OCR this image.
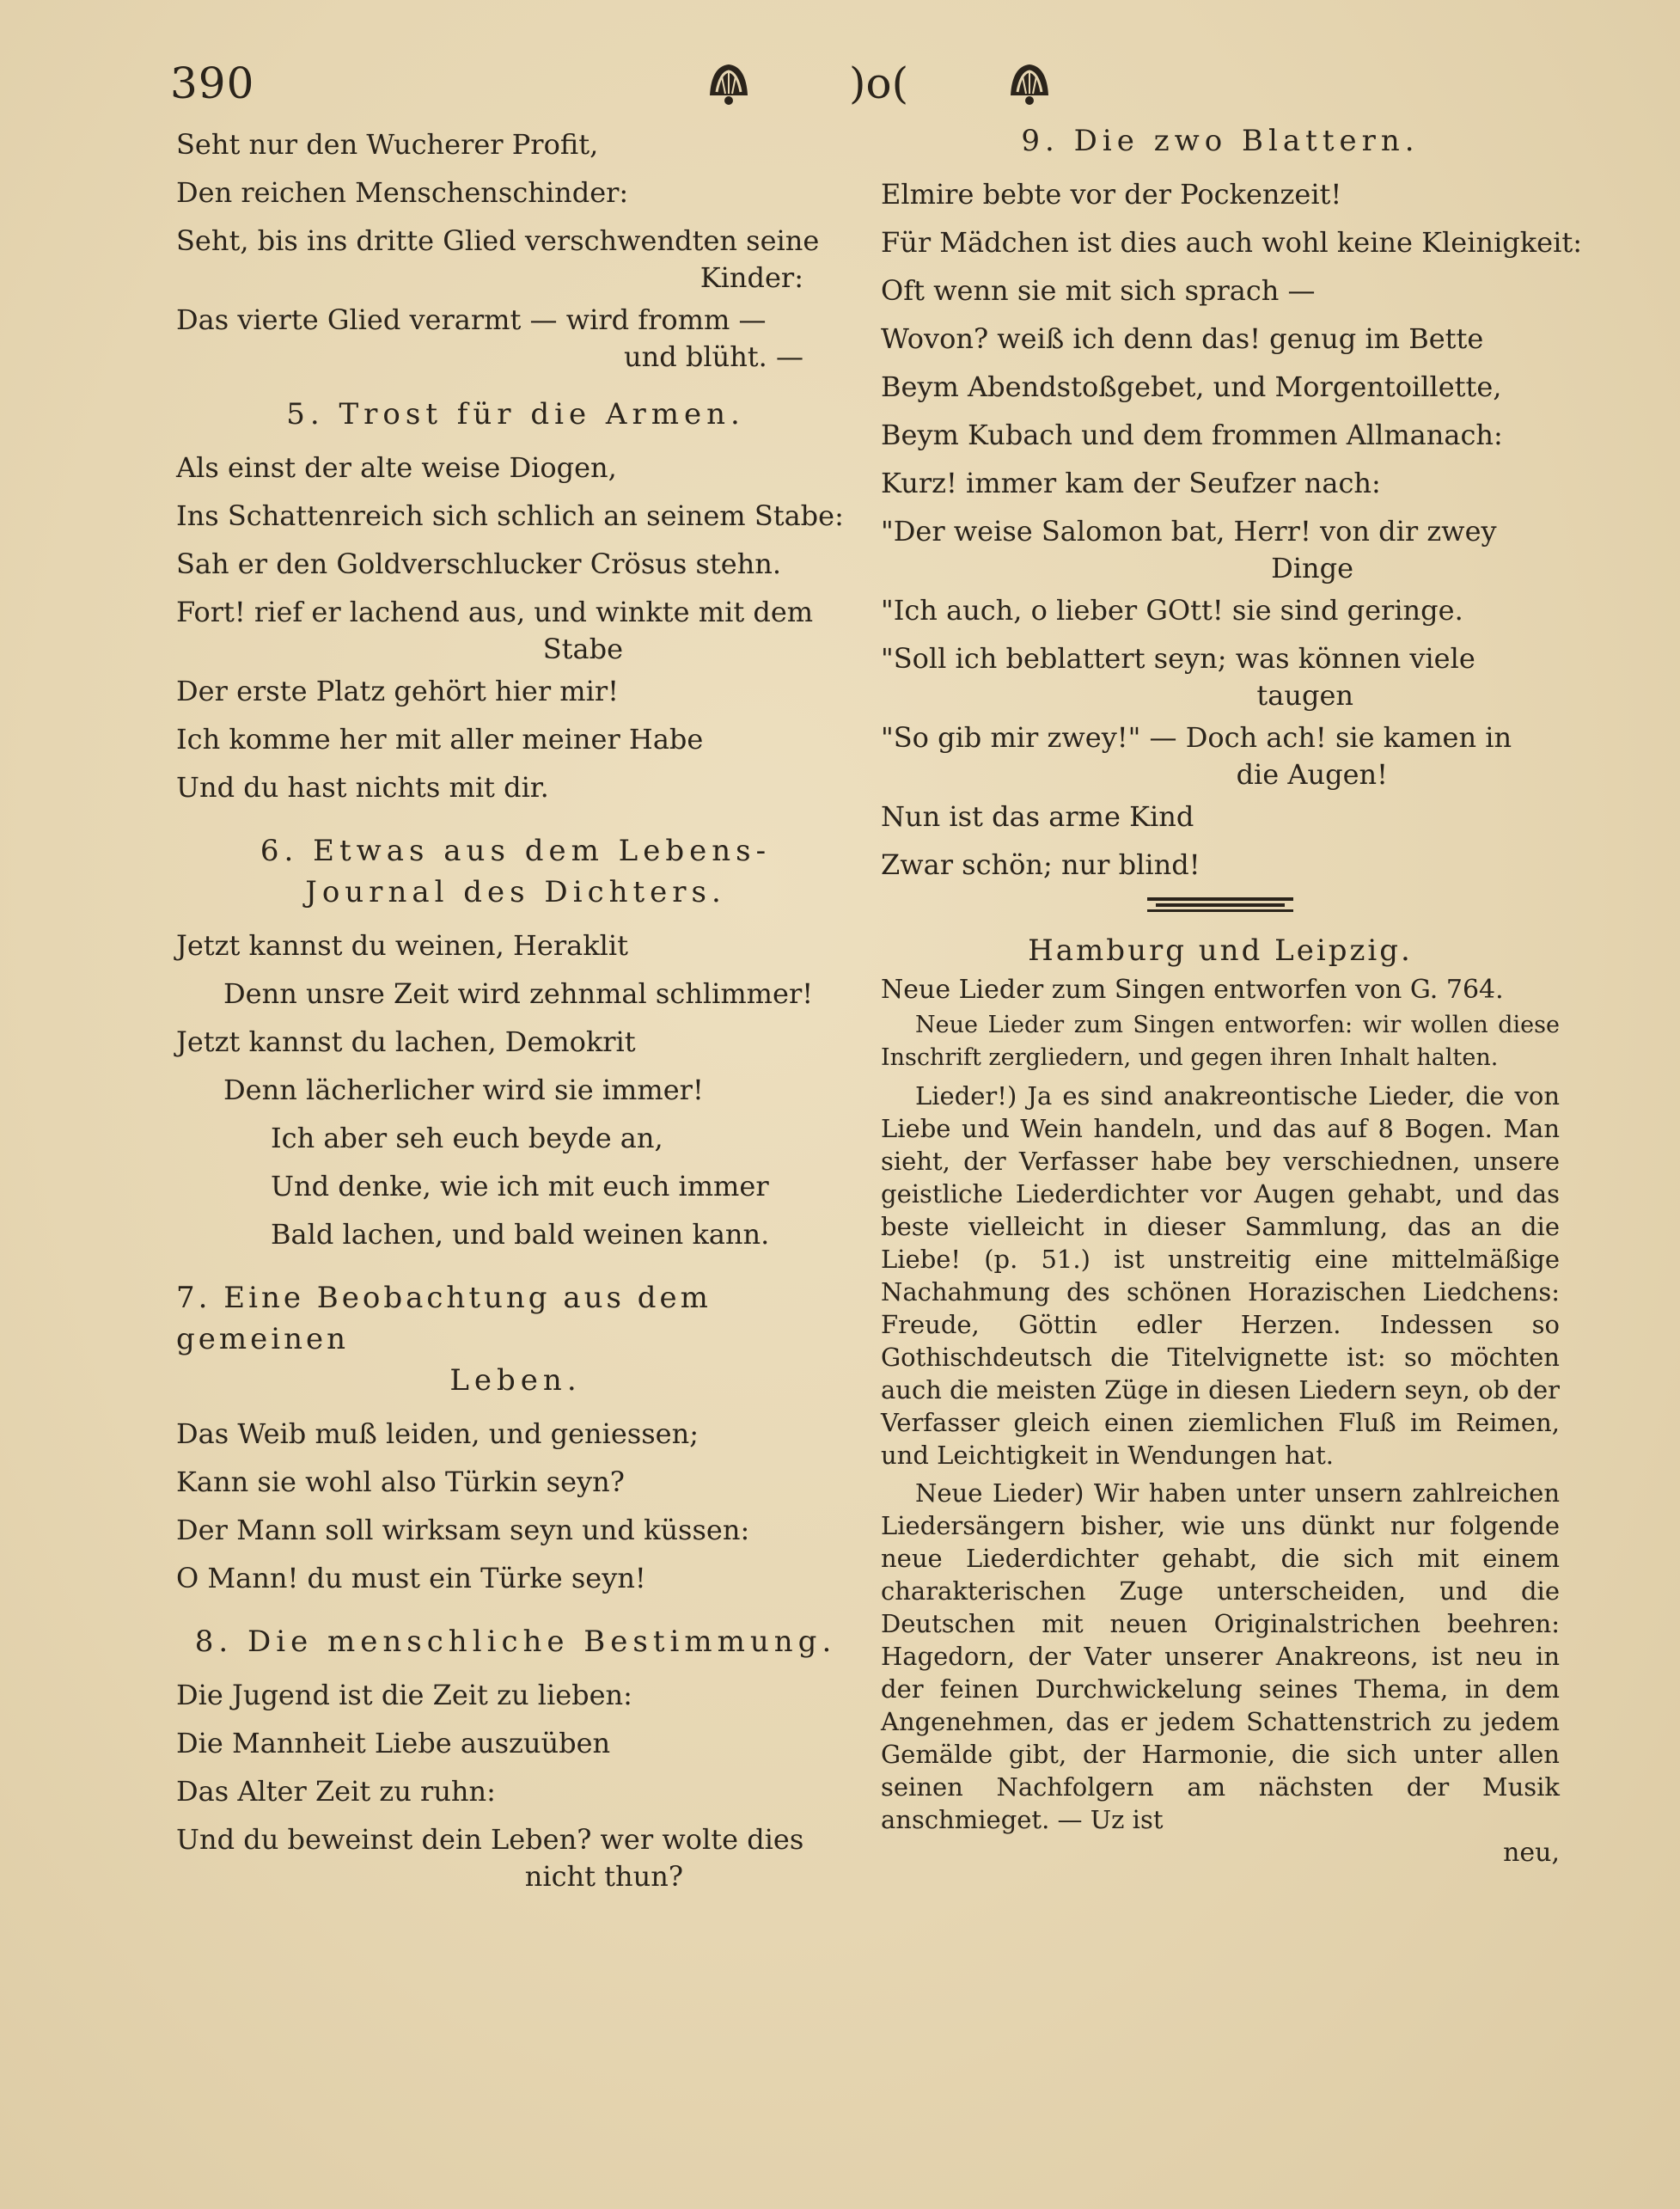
390	)o(

Seht nur den Wucherer Profit,

Den reichen Menschenschinder:

Seht, bis ins dritte Glied verschwendten seine

Kinder:

Das vierte Glied verarmt — wird fromm —

und blüht. —

5. Trost für die Armen.

Als einst der alte weise Diogen,

Ins Schattenreich sich schlich an seinem Stabe:

Sah er den Goldverschlucker Crösus stehn.

Fort! rief er lachend aus, und winkte mit dem

Stabe

Der erste Platz gehört hier mir!

Ich komme her mit aller meiner Habe

Und du hast nichts mit dir.

6. Etwas aus dem Lebens-Journal des Dichters.

Jetzt kannst du weinen, Heraklit

Denn unsre Zeit wird zehnmal schlimmer!

Jetzt kannst du lachen, Demokrit

Denn lächerlicher wird sie immer!

Ich aber seh euch beyde an,

Und denke, wie ich mit euch immer

Bald lachen, und bald weinen kann.

7. Eine Beobachtung aus dem gemeinen

Leben.

Das Weib muß leiden, und geniessen;

Kann sie wohl also Türkin seyn?

Der Mann soll wirksam seyn und küssen:

O Mann! du must ein Türke seyn!

8. Die menschliche Bestimmung.

Die Jugend ist die Zeit zu lieben:

Die Mannheit Liebe auszuüben

Das Alter Zeit zu ruhn:

Und du beweinst dein Leben? wer wolte dies

nicht thun?

9. Die zwo Blattern.

Elmire bebte vor der Pockenzeit!

Für Mädchen ist dies auch wohl keine Kleinigkeit:

Oft wenn sie mit sich sprach —

Wovon? weiß ich denn das! genug im Bette

Beym Abendstoßgebet, und Morgentoillette,

Beym Kubach und dem frommen Allmanach:

Kurz! immer kam der Seufzer nach:

"Der weise Salomon bat, Herr! von dir zwey

Dinge

"Ich auch, o lieber GOtt! sie sind geringe.

"Soll ich beblattert seyn; was können viele

taugen

"So gib mir zwey!" — Doch ach! sie kamen in

die Augen!

Nun ist das arme Kind

Zwar schön; nur blind!

Hamburg und Leipzig.

Neue Lieder zum Singen entworfen von G. 764.

Neue Lieder zum Singen entworfen: wir wollen diese Inschrift zergliedern, und gegen ihren Inhalt halten.

Lieder!) Ja es sind anakreontische Lieder, die von Liebe und Wein handeln, und das auf 8 Bogen. Man sieht, der Verfasser habe bey verschiednen, unsere geistliche Liederdichter vor Augen gehabt, und das beste vielleicht in dieser Sammlung, das an die Liebe! (p. 51.) ist unstreitig eine mittelmäßige Nachahmung des schönen Horazischen Liedchens: Freude, Göttin edler Herzen. Indessen so Gothischdeutsch die Titelvignette ist: so möchten auch die meisten Züge in diesen Liedern seyn, ob der Verfasser gleich einen ziemlichen Fluß im Reimen, und Leichtigkeit in Wendungen hat.

Neue Lieder) Wir haben unter unsern zahlreichen Liedersängern bisher, wie uns dünkt nur folgende neue Liederdichter gehabt, die sich mit einem charakterischen Zuge unterscheiden, und die Deutschen mit neuen Originalstrichen beehren: Hagedorn, der Vater unserer Anakreons, ist neu in der feinen Durchwickelung seines Thema, in dem Angenehmen, das er jedem Schattenstrich zu jedem Gemälde gibt, der Harmonie, die sich unter allen seinen Nachfolgern am nächsten der Musik anschmieget. — Uz ist

neu,
